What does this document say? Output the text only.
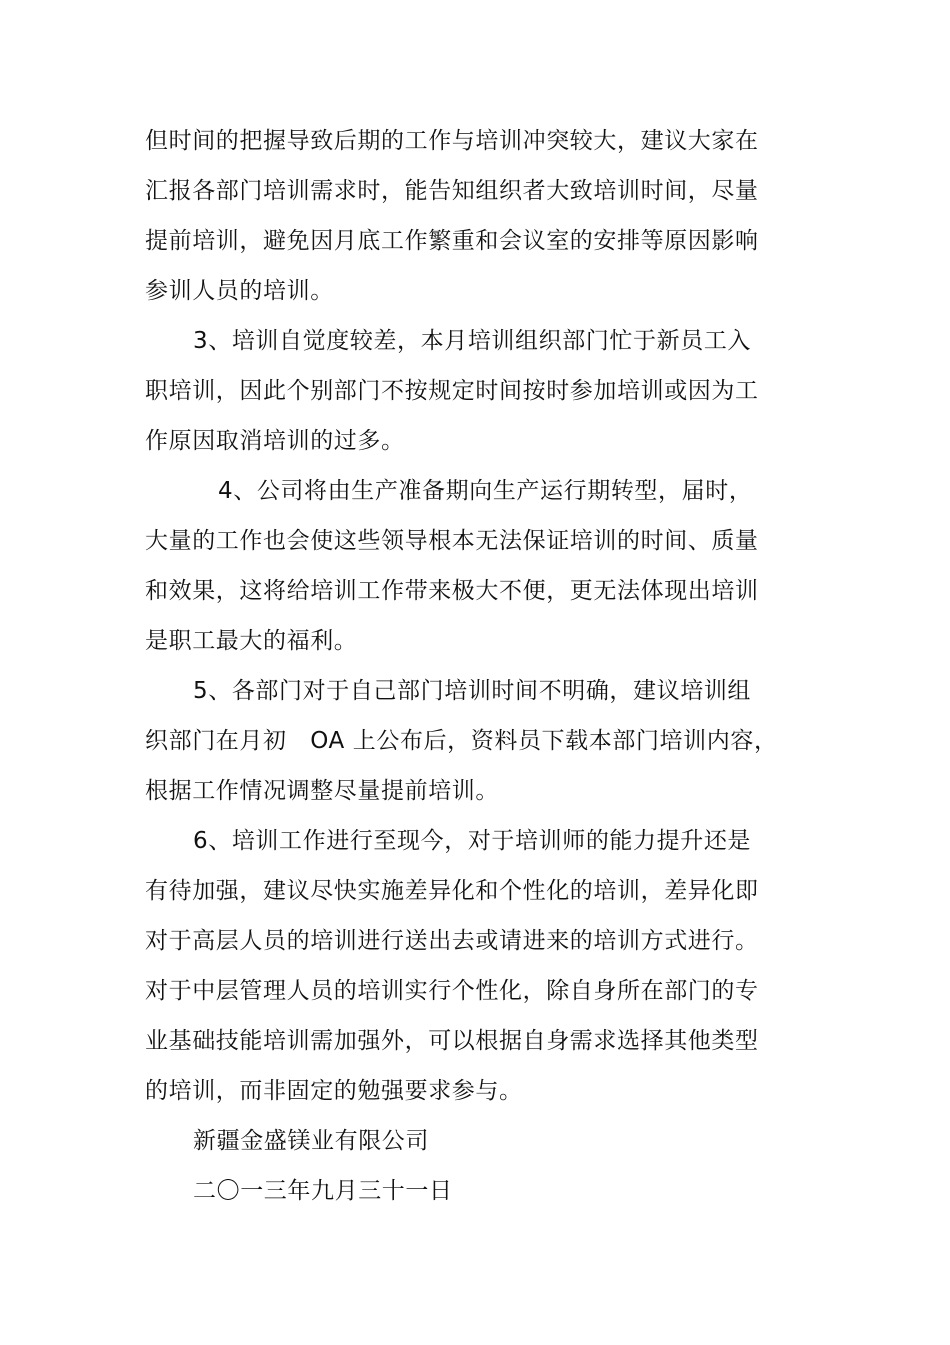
但时间的把握导致后期的工作与培训冲突较大，建议大家在
汇报各部门培训需求时，能告知组织者大致培训时间，尽量
提前培训，避免因月底工作繁重和会议室的安排等原因影响
参训人员的培训。
3、培训自觉度较差，本月培训组织部门忙于新员工入
职培训，因此个别部门不按规定时间按时参加培训或因为工
作原因取消培训的过多。
4、公司将由生产准备期向生产运行期转型，届时，
大量的工作也会使这些领导根本无法保证培训的时间、质量
和效果，这将给培训工作带来极大不便，更无法体现出培训
是职工最大的福利。
5、各部门对于自己部门培训时间不明确，建议培训组
织部门在月初　OA 上公布后，资料员下载本部门培训内容，
根据工作情况调整尽量提前培训。
6、培训工作进行至现今，对于培训师的能力提升还是
有待加强，建议尽快实施差异化和个性化的培训，差异化即
对于高层人员的培训进行送出去或请进来的培训方式进行。
对于中层管理人员的培训实行个性化，除自身所在部门的专
业基础技能培训需加强外，可以根据自身需求选择其他类型
的培训，而非固定的勉强要求参与。
新疆金盛镁业有限公司
二〇一三年九月三十一日
